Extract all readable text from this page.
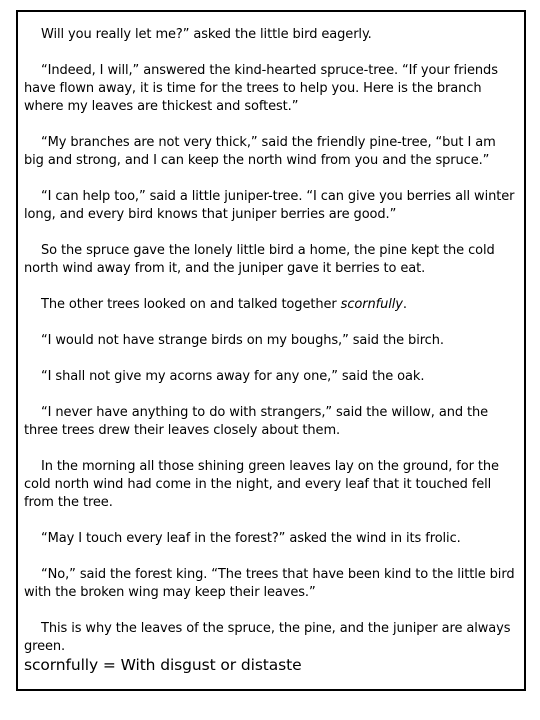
Will you really let me?” asked the little bird eagerly.

“Indeed, I will,” answered the kind-hearted spruce-tree. “If your friends have flown away, it is time for the trees to help you. Here is the branch where my leaves are thickest and softest.”

“My branches are not very thick,” said the friendly pine-tree, “but I am big and strong, and I can keep the north wind from you and the spruce.”

“I can help too,” said a little juniper-tree. “I can give you berries all winter long, and every bird knows that juniper berries are good.”

So the spruce gave the lonely little bird a home, the pine kept the cold north wind away from it, and the juniper gave it berries to eat.

The other trees looked on and talked together scornfully.

“I would not have strange birds on my boughs,” said the birch.

“I shall not give my acorns away for any one,” said the oak.

“I never have anything to do with strangers,” said the willow, and the three trees drew their leaves closely about them.

In the morning all those shining green leaves lay on the ground, for the cold north wind had come in the night, and every leaf that it touched fell from the tree.

“May I touch every leaf in the forest?” asked the wind in its frolic.

“No,” said the forest king. “The trees that have been kind to the little bird with the broken wing may keep their leaves.”

This is why the leaves of the spruce, the pine, and the juniper are always green.

scornfully = With disgust or distaste
